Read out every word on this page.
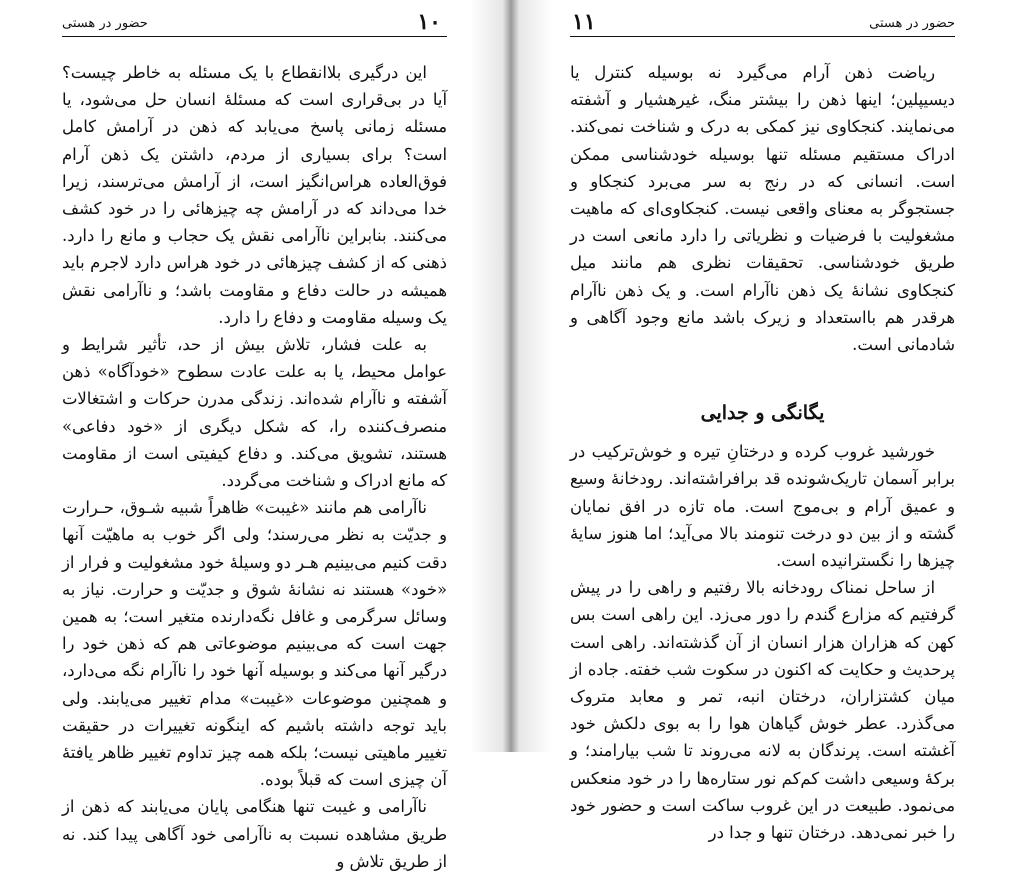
حضور در هستی	۱۰

این درگیری بلاانقطاع با یک مسئله به خاطر چیست؟ آیا در بی‌قراری است که مسئلهٔ انسان حل می‌شود، یا مسئله زمانی پاسخ می‌یابد که ذهن در آرامش کامل است؟ برای بسیاری از مردم، داشتن یک ذهن آرام فوق‌العاده هراس‌انگیز است، از آرامش می‌ترسند، زیرا خدا می‌داند که در آرامش چه چیزهائی را در خود کشف می‌کنند. بنابراین ناآرامی نقش یک حجاب و مانع را دارد. ذهنی که از کشف چیزهائی در خود هراس دارد لاجرم باید همیشه در حالت دفاع و مقاومت باشد؛ و ناآرامی نقش یک وسیله مقاومت و دفاع را دارد.

به علت فشار، تلاش بیش از حد، تأثیر شرایط و عوامل محیط، یا به علت عادت سطوح «خودآگاه» ذهن آشفته و ناآرام شده‌اند. زندگی مدرن حرکات و اشتغالات منصرف‌کننده را، که شکل دیگری از «خود دفاعی» هستند، تشویق می‌کند. و دفاع کیفیتی است از مقاومت که مانع ادراک و شناخت می‌گردد.

ناآرامی هم مانند «غیبت» ظاهراً شبیه شـوق، حـرارت و جدیّت به نظر می‌رسند؛ ولی اگر خوب به ماهیّت آنها دقت کنیم می‌بینیم هـر دو وسیلهٔ خود مشغولیت و فرار از «خود» هستند نه نشانهٔ شوق و جدیّت و حرارت. نیاز به وسائل سرگرمی و غافل نگه‌دارنده متغیر است؛ به همین جهت است که می‌بینیم موضوعاتی هم که ذهن خود را درگیر آنها می‌کند و بوسیله آنها خود را ناآرام نگه می‌دارد، و همچنین موضوعات «غیبت» مدام تغییر می‌یابند. ولی باید توجه داشته باشیم که اینگونه تغییرات در حقیقت تغییر ماهیتی نیست؛ بلکه همه چیز تداوم تغییر ظاهر یافتهٔ آن چیزی است که قبلاً بوده.

ناآرامی و غیبت تنها هنگامی پایان می‌یابند که ذهن از طریق مشاهده نسبت به ناآرامی خود آگاهی پیدا کند. نه از طریق تلاش و

حضور در هستی
۱۱

ریاضت ذهن آرام می‌گیرد نه بوسیله کنترل یا دیسیپلین؛ اینها ذهن را بیشتر منگ، غیرهشیار و آشفته می‌نمایند. کنجکاوی نیز کمکی به درک و شناخت نمی‌کند. ادراک مستقیم مسئله تنها بوسیله خودشناسی ممکن است. انسانی که در رنج به سر می‌برد کنجکاو و جستجوگر به معنای واقعی نیست. کنجکاوی‌ای که ماهیت مشغولیت با فرضیات و نظریاتی را دارد مانعی است در طریق خودشناسی. تحقیقات نظری هم مانند میل کنجکاوی نشانهٔ یک ذهن ناآرام است. و یک ذهن ناآرام هرقدر هم بااستعداد و زیرک باشد مانع وجود آگاهی و شادمانی است.

یگانگی و جدایی

خورشید غروب کرده و درختانِ تیره و خوش‌ترکیب در برابر آسمان تاریک‌شونده قد برافراشته‌اند. رودخانهٔ وسیع و عمیق آرام و بی‌موج است. ماه تازه در افق نمایان گشته و از بین دو درخت تنومند بالا می‌آید؛ اما هنوز سایهٔ چیزها را نگسترانیده است.

از ساحل نمناک رودخانه بالا رفتیم و راهی را در پیش گرفتیم که مزارع گندم را دور می‌زد. این راهی است بس کهن که هزاران هزار انسان از آن گذشته‌اند. راهی است پرحدیث و حکایت که اکنون در سکوت شب خفته. جاده از میان کشتزاران، درختان انبه، تمر و معابد متروک می‌گذرد. عطر خوش گیاهان هوا را به بوی دلکش خود آغشته است. پرندگان به لانه می‌روند تا شب بیارامند؛ و برکهٔ وسیعی داشت کم‌کم نور ستاره‌ها را در خود منعکس می‌نمود. طبیعت در این غروب ساکت است و حضور خود را خبر نمی‌دهد. درختان تنها و جدا در
